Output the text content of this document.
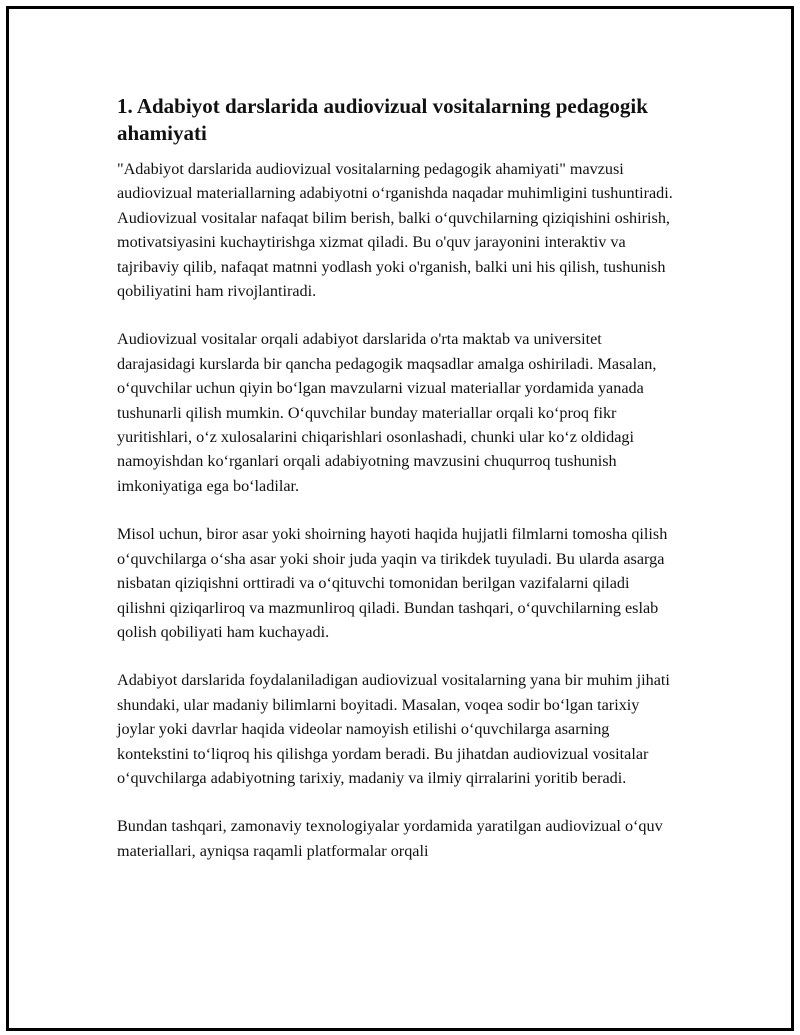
1. Adabiyot darslarida audiovizual vositalarning pedagogik ahamiyati

"Adabiyot darslarida audiovizual vositalarning pedagogik ahamiyati" mavzusi audiovizual materiallarning adabiyotni o‘rganishda naqadar muhimligini tushuntiradi. Audiovizual vositalar nafaqat bilim berish, balki o‘quvchilarning qiziqishini oshirish, motivatsiyasini kuchaytirishga xizmat qiladi. Bu o'quv jarayonini interaktiv va tajribaviy qilib, nafaqat matnni yodlash yoki o'rganish, balki uni his qilish, tushunish qobiliyatini ham rivojlantiradi.

Audiovizual vositalar orqali adabiyot darslarida o'rta maktab va universitet darajasidagi kurslarda bir qancha pedagogik maqsadlar amalga oshiriladi. Masalan, o‘quvchilar uchun qiyin bo‘lgan mavzularni vizual materiallar yordamida yanada tushunarli qilish mumkin. O‘quvchilar bunday materiallar orqali ko‘proq fikr yuritishlari, o‘z xulosalarini chiqarishlari osonlashadi, chunki ular ko‘z oldidagi namoyishdan ko‘rganlari orqali adabiyotning mavzusini chuqurroq tushunish imkoniyatiga ega bo‘ladilar.

Misol uchun, biror asar yoki shoirning hayoti haqida hujjatli filmlarni tomosha qilish o‘quvchilarga o‘sha asar yoki shoir juda yaqin va tirikdek tuyuladi. Bu ularda asarga nisbatan qiziqishni orttiradi va o‘qituvchi tomonidan berilgan vazifalarni qiladi qilishni qiziqarliroq va mazmunliroq qiladi. Bundan tashqari, o‘quvchilarning eslab qolish qobiliyati ham kuchayadi.

Adabiyot darslarida foydalaniladigan audiovizual vositalarning yana bir muhim jihati shundaki, ular madaniy bilimlarni boyitadi. Masalan, voqea sodir bo‘lgan tarixiy joylar yoki davrlar haqida videolar namoyish etilishi o‘quvchilarga asarning kontekstini to‘liqroq his qilishga yordam beradi. Bu jihatdan audiovizual vositalar o‘quvchilarga adabiyotning tarixiy, madaniy va ilmiy qirralarini yoritib beradi.

Bundan tashqari, zamonaviy texnologiyalar yordamida yaratilgan audiovizual o‘quv materiallari, ayniqsa raqamli platformalar orqali
